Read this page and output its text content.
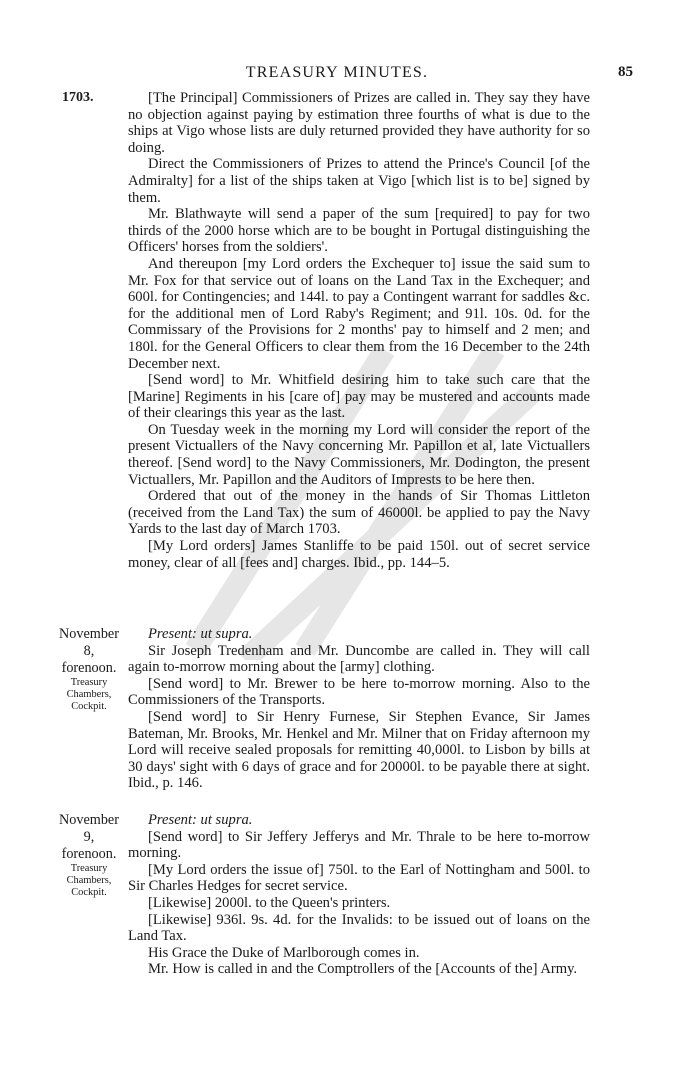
TREASURY MINUTES.	85
1703.	[The Principal] Commissioners of Prizes are called in. They say they have no objection against paying by estimation three fourths of what is due to the ships at Vigo whose lists are duly returned provided they have authority for so doing.

Direct the Commissioners of Prizes to attend the Prince's Council [of the Admiralty] for a list of the ships taken at Vigo [which list is to be] signed by them.

Mr. Blathwayte will send a paper of the sum [required] to pay for two thirds of the 2000 horse which are to be bought in Portugal distinguishing the Officers' horses from the soldiers'.

And thereupon [my Lord orders the Exchequer to] issue the said sum to Mr. Fox for that service out of loans on the Land Tax in the Exchequer; and 600l. for Contingencies; and 144l. to pay a Contingent warrant for saddles &c. for the additional men of Lord Raby's Regiment; and 91l. 10s. 0d. for the Commissary of the Provisions for 2 months' pay to himself and 2 men; and 180l. for the General Officers to clear them from the 16 December to the 24th December next.

[Send word] to Mr. Whitfield desiring him to take such care that the [Marine] Regiments in his [care of] pay may be mustered and accounts made of their clearings this year as the last.

On Tuesday week in the morning my Lord will consider the report of the present Victuallers of the Navy concerning Mr. Papillon et al, late Victuallers thereof. [Send word] to the Navy Commissioners, Mr. Dodington, the present Victuallers, Mr. Papillon and the Auditors of Imprests to be here then.

Ordered that out of the money in the hands of Sir Thomas Littleton (received from the Land Tax) the sum of 46000l. be applied to pay the Navy Yards to the last day of March 1703.

[My Lord orders] James Stanliffe to be paid 150l. out of secret service money, clear of all [fees and] charges. Ibid., pp. 144–5.

November
8,
forenoon.
Treasury
Chambers,
Cockpit.

Present: ut supra.

Sir Joseph Tredenham and Mr. Duncombe are called in. They will call again to-morrow morning about the [army] clothing.

[Send word] to Mr. Brewer to be here to-morrow morning. Also to the Commissioners of the Transports.

[Send word] to Sir Henry Furnese, Sir Stephen Evance, Sir James Bateman, Mr. Brooks, Mr. Henkel and Mr. Milner that on Friday afternoon my Lord will receive sealed proposals for remitting 40,000l. to Lisbon by bills at 30 days' sight with 6 days of grace and for 20000l. to be payable there at sight. Ibid., p. 146.

November
9,
forenoon.
Treasury
Chambers,
Cockpit.

Present: ut supra.

[Send word] to Sir Jeffery Jefferys and Mr. Thrale to be here to-morrow morning.

[My Lord orders the issue of] 750l. to the Earl of Nottingham and 500l. to Sir Charles Hedges for secret service.

[Likewise] 2000l. to the Queen's printers.

[Likewise] 936l. 9s. 4d. for the Invalids: to be issued out of loans on the Land Tax.

His Grace the Duke of Marlborough comes in.

Mr. How is called in and the Comptrollers of the [Accounts of the] Army.
